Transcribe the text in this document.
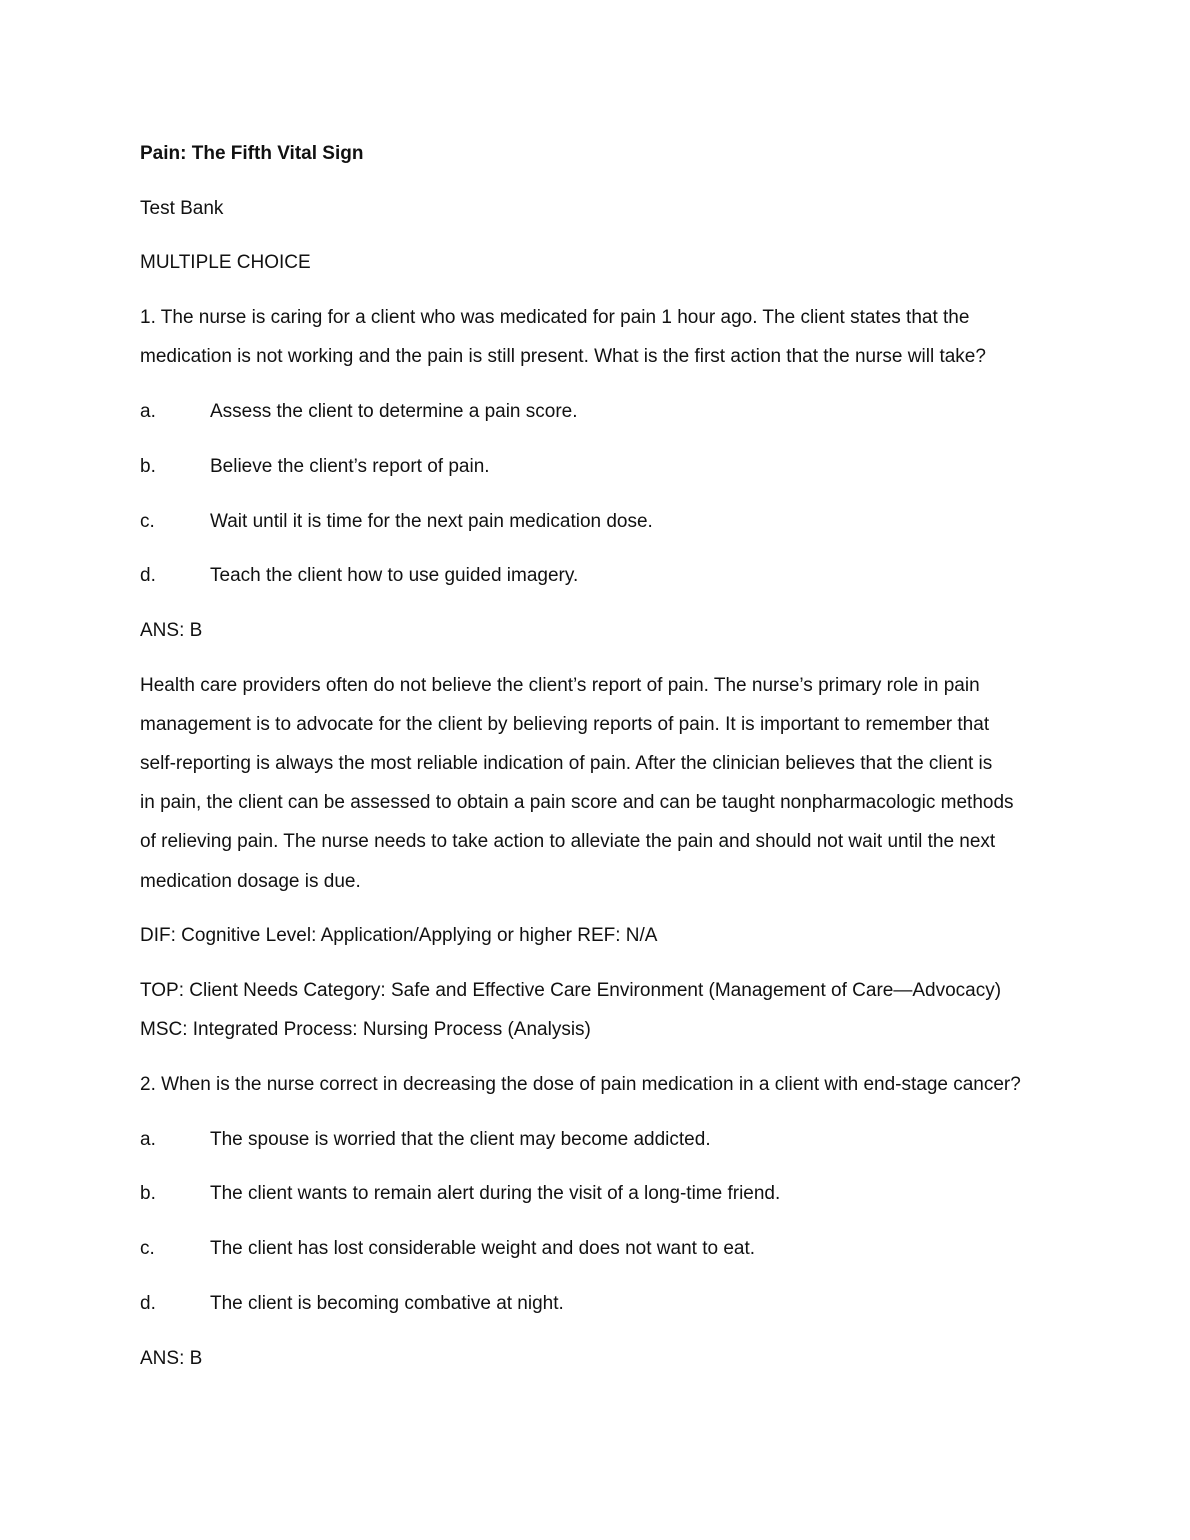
Pain: The Fifth Vital Sign
Test Bank
MULTIPLE CHOICE
1. The nurse is caring for a client who was medicated for pain 1 hour ago. The client states that the
medication is not working and the pain is still present. What is the first action that the nurse will take?
a.	Assess the client to determine a pain score.
b.	Believe the client’s report of pain.
c.	Wait until it is time for the next pain medication dose.
d.	Teach the client how to use guided imagery.
ANS: B
Health care providers often do not believe the client’s report of pain. The nurse’s primary role in pain
management is to advocate for the client by believing reports of pain. It is important to remember that
self-reporting is always the most reliable indication of pain. After the clinician believes that the client is
in pain, the client can be assessed to obtain a pain score and can be taught nonpharmacologic methods
of relieving pain. The nurse needs to take action to alleviate the pain and should not wait until the next
medication dosage is due.
DIF: Cognitive Level: Application/Applying or higher REF: N/A
TOP: Client Needs Category: Safe and Effective Care Environment (Management of Care—Advocacy)
MSC: Integrated Process: Nursing Process (Analysis)
2. When is the nurse correct in decreasing the dose of pain medication in a client with end-stage cancer?
a.	The spouse is worried that the client may become addicted.
b.	The client wants to remain alert during the visit of a long-time friend.
c.	The client has lost considerable weight and does not want to eat.
d.	The client is becoming combative at night.
ANS: B
